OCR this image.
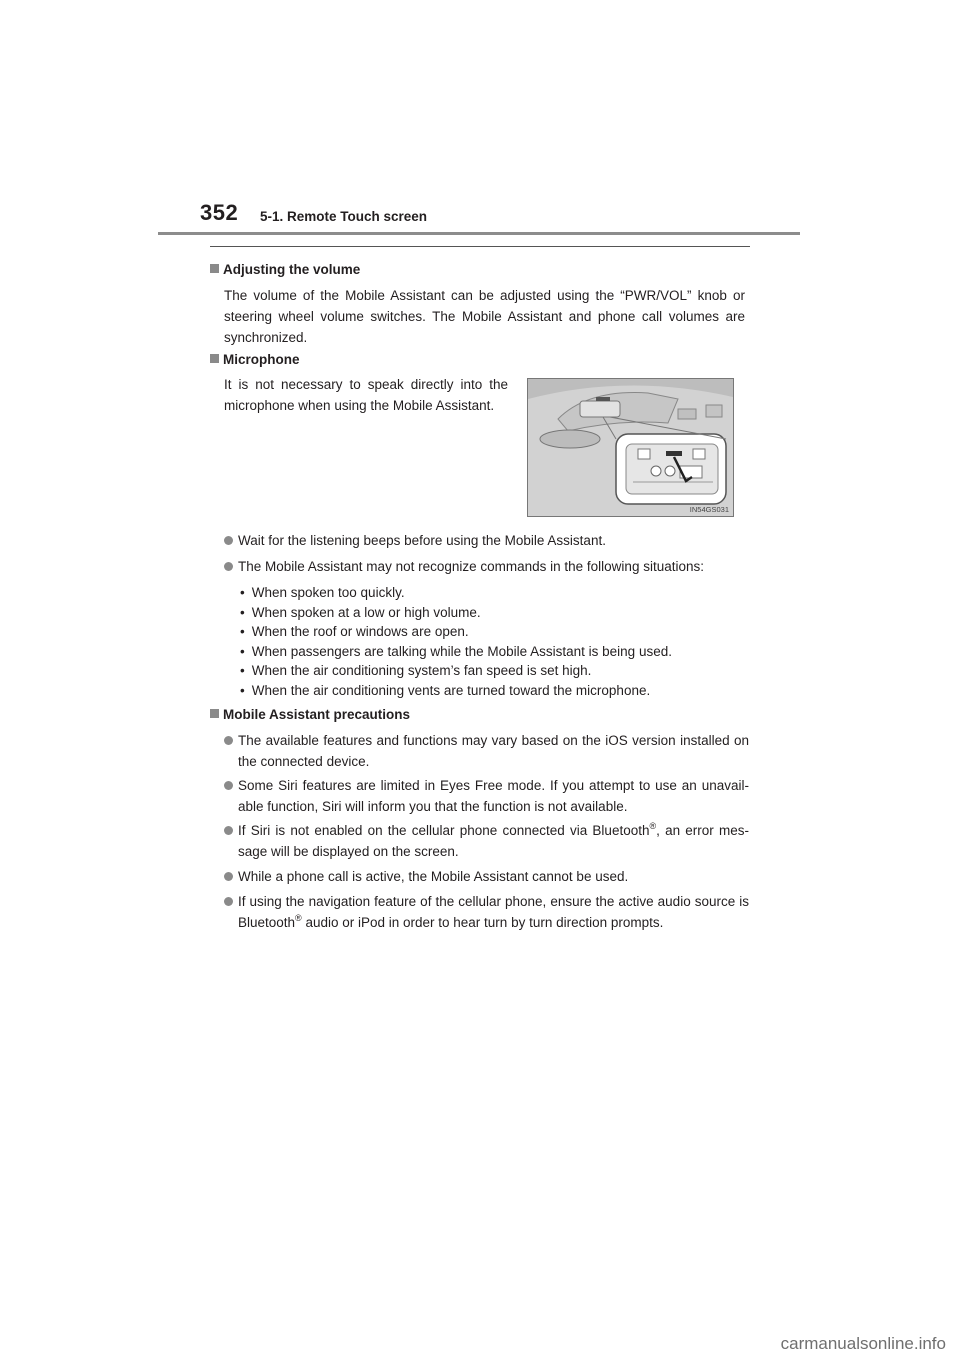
352 5-1. Remote Touch screen
Adjusting the volume
The volume of the Mobile Assistant can be adjusted using the “PWR/VOL” knob or steering wheel volume switches. The Mobile Assistant and phone call volumes are synchronized.
Microphone
It is not necessary to speak directly into the microphone when using the Mobile Assistant.
IN54GS031
Wait for the listening beeps before using the Mobile Assistant.
The Mobile Assistant may not recognize commands in the following situations:
• When spoken too quickly.
• When spoken at a low or high volume.
• When the roof or windows are open.
• When passengers are talking while the Mobile Assistant is being used.
• When the air conditioning system’s fan speed is set high.
• When the air conditioning vents are turned toward the microphone.
Mobile Assistant precautions
The available features and functions may vary based on the iOS version installed on the connected device.
Some Siri features are limited in Eyes Free mode. If you attempt to use an unavail-able function, Siri will inform you that the function is not available.
If Siri is not enabled on the cellular phone connected via Bluetooth®, an error mes-sage will be displayed on the screen.
While a phone call is active, the Mobile Assistant cannot be used.
If using the navigation feature of the cellular phone, ensure the active audio source is Bluetooth® audio or iPod in order to hear turn by turn direction prompts.
carmanualsonline.info
